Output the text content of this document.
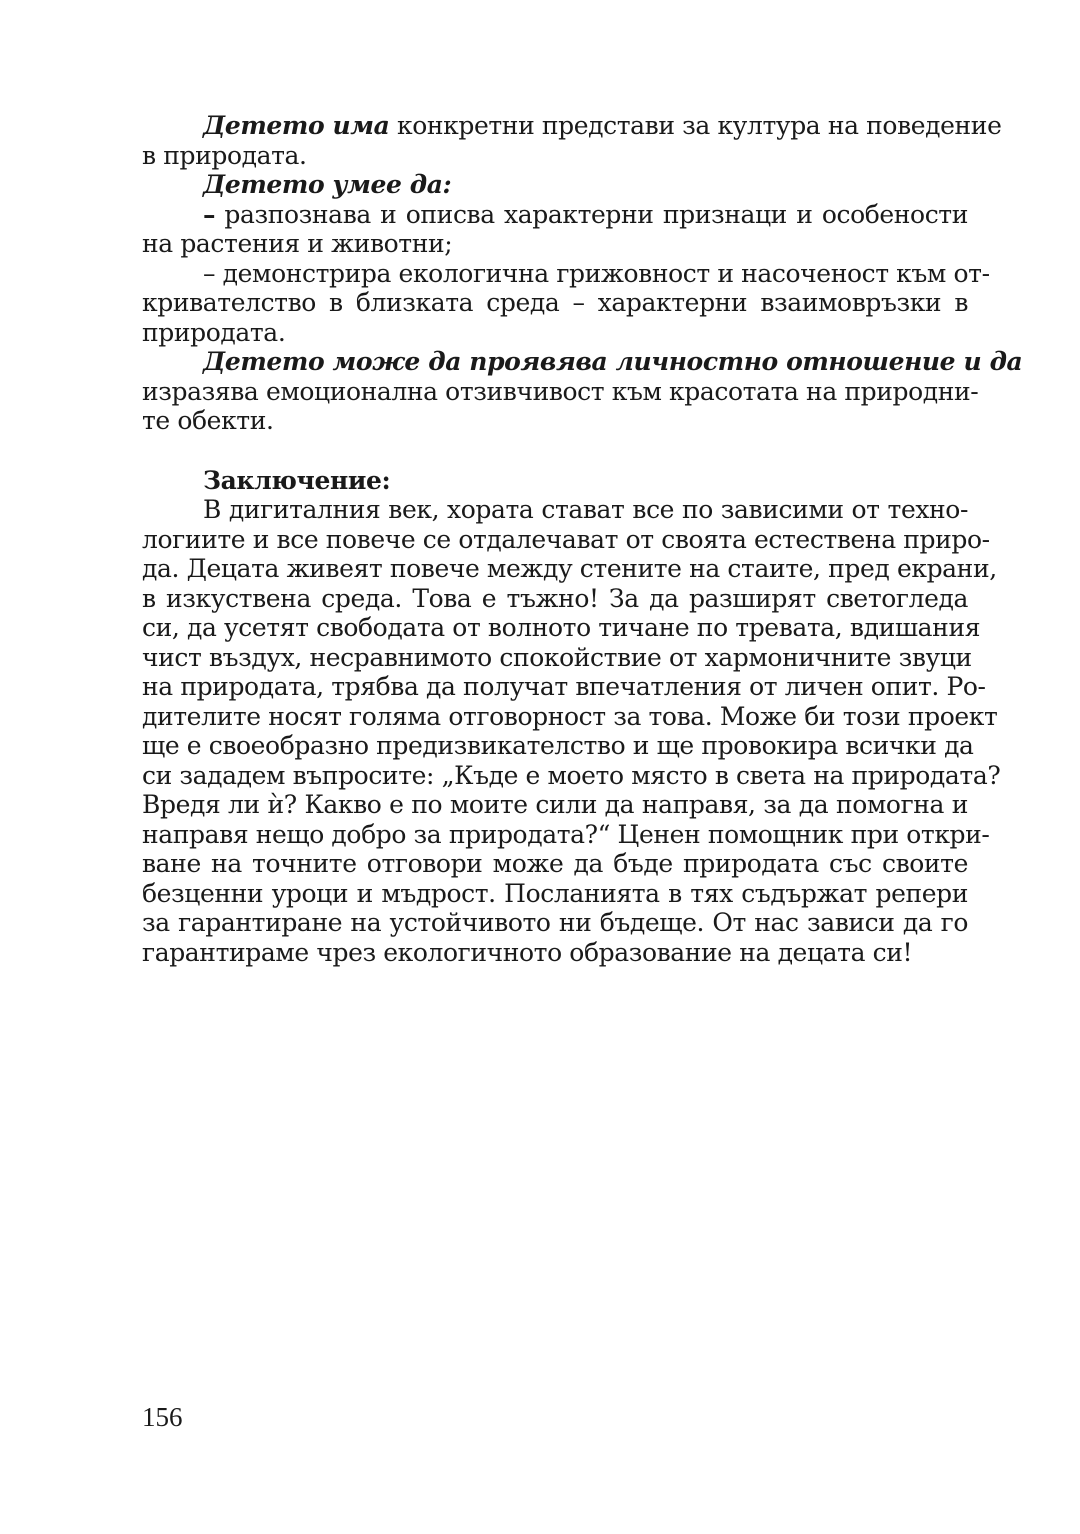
Детето има конкретни представи за култура на поведение
в природата.
Детето умее да:
– разпознава и описва характерни признаци и особености
на растения и животни;
– демонстрира екологична грижовност и насоченост към от-
кривателство в близката среда – характерни взаимовръзки в
природата.
Детето може да проявява личностно отношение и да
изразява емоционална отзивчивост към красотата на природни-
те обекти.
Заключение:
В дигиталния век, хората стават все по зависими от техно-
логиите и все повече се отдалечават от своята естествена приро-
да. Децата живеят повече между стените на стаите, пред екрани,
в изкуствена среда. Това е тъжно! За да разширят светогледа
си, да усетят свободата от волното тичане по тревата, вдишания
чист въздух, несравнимото спокойствие от хармоничните звуци
на природата, трябва да получат впечатления от личен опит. Ро-
дителите носят голяма отговорност за това. Може би този проект
ще е своеобразно предизвикателство и ще провокира всички да
си зададем въпросите: „Къде е моето място в света на природата?
Вредя ли ѝ? Какво е по моите сили да направя, за да помогна и
направя нещо добро за природата?“ Ценен помощник при откри-
ване на точните отговори може да бъде природата със своите
безценни уроци и мъдрост. Посланията в тях съдържат репери
за гарантиране на устойчивото ни бъдеще. От нас зависи да го
гарантираме чрез екологичното образование на децата си!
156
